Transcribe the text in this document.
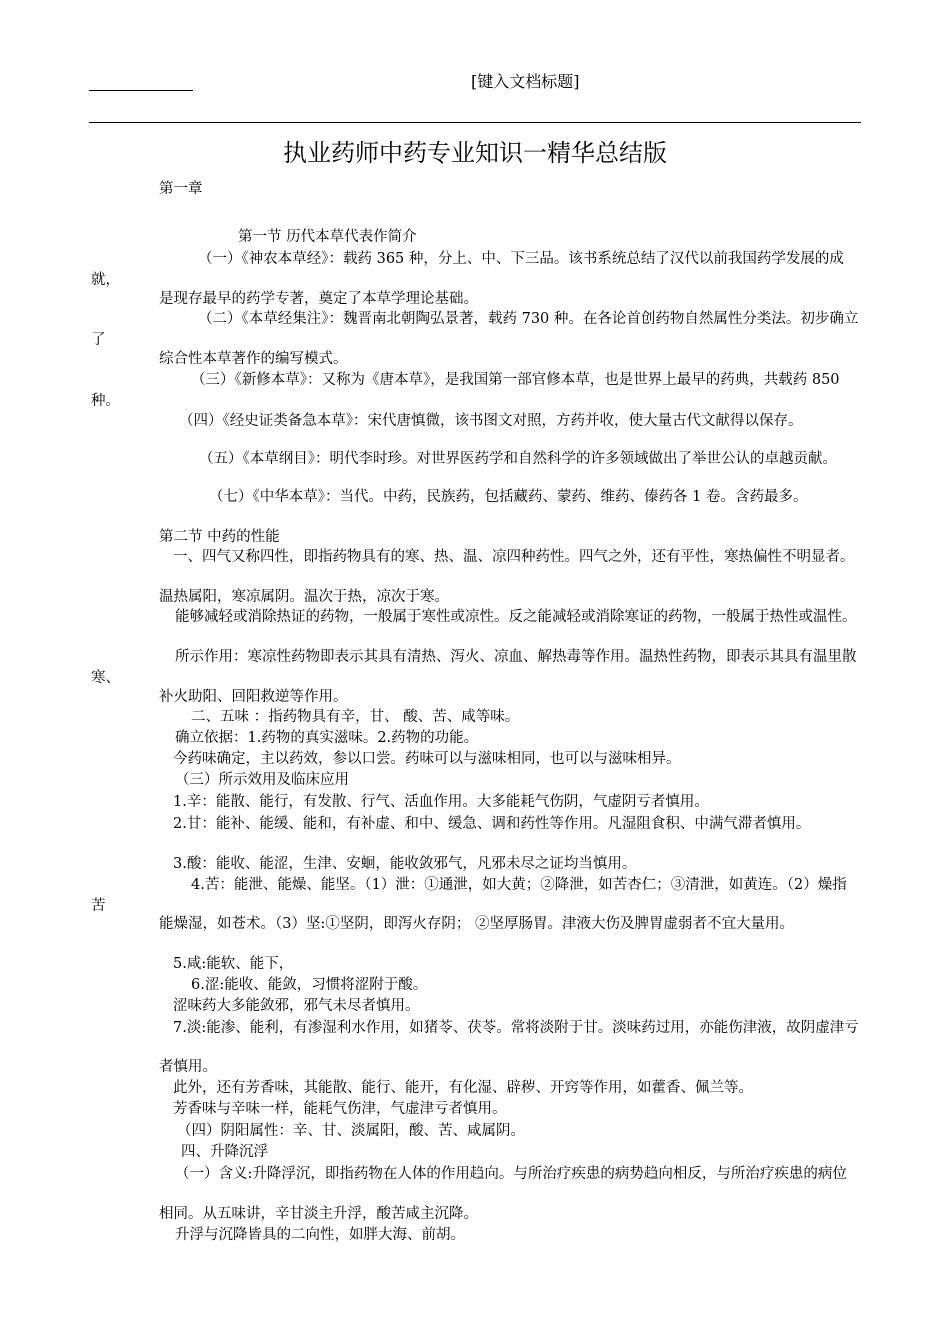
[键入文档标题]
执业药师中药专业知识一精华总结版

第一章

第一节 历代本草代表作简介

（一）《神农本草经》：载药 365 种，分上、中、下三品。该书系统总结了汉代以前我国药学发展的成就，

是现存最早的药学专著，奠定了本草学理论基础。

（二）《本草经集注》：魏晋南北朝陶弘景著，载药 730 种。在各论首创药物自然属性分类法。初步确立了

综合性本草著作的编写模式。

（三）《新修本草》：又称为《唐本草》，是我国第一部官修本草，也是世界上最早的药典，共载药 850 种。

（四）《经史证类备急本草》：宋代唐慎微，该书图文对照，方药并收，使大量古代文献得以保存。

（五）《本草纲目》：明代李时珍。对世界医药学和自然科学的许多领域做出了举世公认的卓越贡献。

（七）《中华本草》：当代。中药，民族药，包括藏药、蒙药、维药、傣药各 1 卷。含药最多。

第二节 中药的性能

一、四气又称四性，即指药物具有的寒、热、温、凉四种药性。四气之外，还有平性，寒热偏性不明显者。

温热属阳，寒凉属阴。温次于热，凉次于寒。

能够减轻或消除热证的药物，一般属于寒性或凉性。反之能减轻或消除寒证的药物，一般属于热性或温性。

所示作用：寒凉性药物即表示其具有清热、泻火、凉血、解热毒等作用。温热性药物，即表示其具有温里散寒、

补火助阳、回阳救逆等作用。

二、五味 ：指药物具有辛，甘、 酸、苦、咸等味。

确立依据：1.药物的真实滋味。2.药物的功能。

今药味确定，主以药效，参以口尝。药味可以与滋味相同，也可以与滋味相异。

（三）所示效用及临床应用

1.辛：能散、能行，有发散、行气、活血作用。大多能耗气伤阴，气虚阴亏者慎用。

2.甘：能补、能缓、能和，有补虚、和中、缓急、调和药性等作用。凡湿阻食积、中满气滞者慎用。

3.酸：能收、能涩，生津、安蛔，能收敛邪气，凡邪未尽之证均当慎用。

4.苦：能泄、能燥、能坚。（1）泄：①通泄，如大黄；②降泄，如苦杏仁；③清泄，如黄连。（2）燥指苦

能燥湿，如苍术。（3）坚:①坚阴，即泻火存阴； ②坚厚肠胃。津液大伤及脾胃虚弱者不宜大量用。

5.咸:能软、能下，

6.涩:能收、能敛，习惯将涩附于酸。

涩味药大多能敛邪，邪气未尽者慎用。

7.淡:能渗、能利，有渗湿利水作用，如猪苓、茯苓。常将淡附于甘。淡味药过用，亦能伤津液，故阴虚津亏

者慎用。

此外，还有芳香味，其能散、能行、能开，有化湿、辟秽、开窍等作用，如藿香、佩兰等。

芳香味与辛味一样，能耗气伤津，气虚津亏者慎用。

（四）阴阳属性：辛、甘、淡属阳，酸、苦、咸属阴。

四、升降沉浮

（一）含义:升降浮沉，即指药物在人体的作用趋向。与所治疗疾患的病势趋向相反，与所治疗疾患的病位

相同。从五味讲，辛甘淡主升浮，酸苦咸主沉降。

升浮与沉降皆具的二向性，如胖大海、前胡。
